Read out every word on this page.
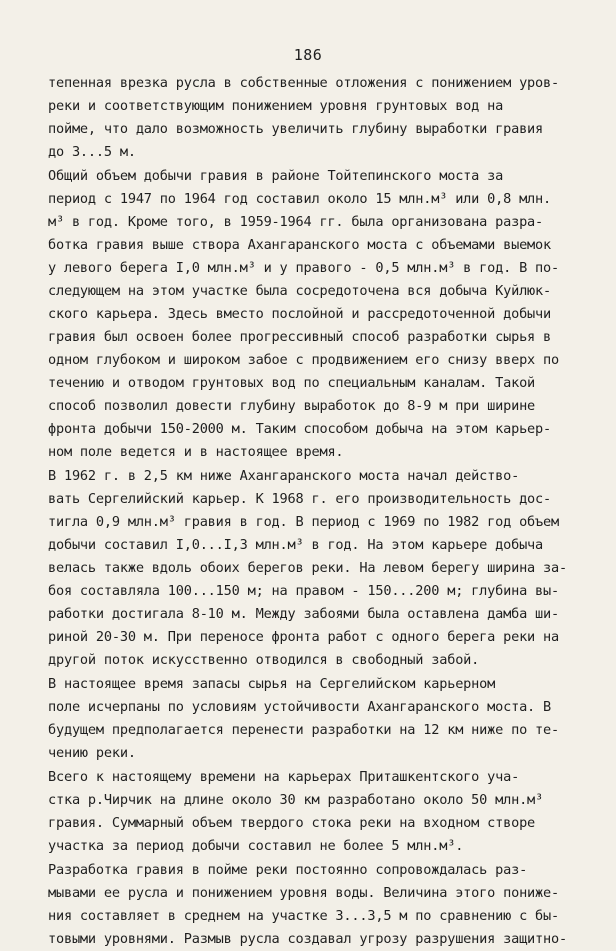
186
тепенная врезка русла в собственные отложения с понижением уров-
реки и соответствующим понижением уровня грунтовых вод на
пойме, что дало возможность увеличить глубину выработки гравия
до 3...5 м.
Общий объем добычи гравия в районе Тойтепинского моста за
период с 1947 по 1964 год составил около 15 млн.м³ или 0,8 млн.
м³ в год. Кроме того, в 1959-1964 гг. была организована разра-
ботка гравия выше створа Ахангаранского моста с объемами выемок
у левого берега I,0 млн.м³ и у правого - 0,5 млн.м³ в год. В по-
следующем на этом участке была сосредоточена вся добыча Куйлюк-
ского карьера. Здесь вместо послойной и рассредоточенной добычи
гравия был освоен более прогрессивный способ разработки сырья в
одном глубоком и широком забое с продвижением его снизу вверх по
течению и отводом грунтовых вод по специальным каналам. Такой
способ позволил довести глубину выработок до 8-9 м при ширине
фронта добычи 150-2000 м. Таким способом добыча на этом карьер-
ном поле ведется и в настоящее время.
В 1962 г. в 2,5 км ниже Ахангаранского моста начал действо-
вать Сергелийский карьер. К 1968 г. его производительность дос-
тигла 0,9 млн.м³ гравия в год. В период с 1969 по 1982 год объем
добычи составил I,0...I,3 млн.м³ в год. На этом карьере добыча
велась также вдоль обоих берегов реки. На левом берегу ширина за-
боя составляла 100...150 м; на правом - 150...200 м; глубина вы-
работки достигала 8-10 м. Между забоями была оставлена дамба ши-
риной 20-30 м. При переносе фронта работ с одного берега реки на
другой поток искусственно отводился в свободный забой.
В настоящее время запасы сырья на Сергелийском карьерном
поле исчерпаны по условиям устойчивости Ахангаранского моста. В
будущем предполагается перенести разработки на 12 км ниже по те-
чению реки.
Всего к настоящему времени на карьерах Приташкентского уча-
стка р.Чирчик на длине около 30 км разработано около 50 млн.м³
гравия. Суммарный объем твердого стока реки на входном створе
участка за период добычи составил не более 5 млн.м³.
Разработка гравия в пойме реки постоянно сопровождалась раз-
мывами ее русла и понижением уровня воды. Величина этого пониже-
ния составляет в среднем на участке 3...3,5 м по сравнению с бы-
товыми уровнями. Размыв русла создавал угрозу разрушения защитно-
